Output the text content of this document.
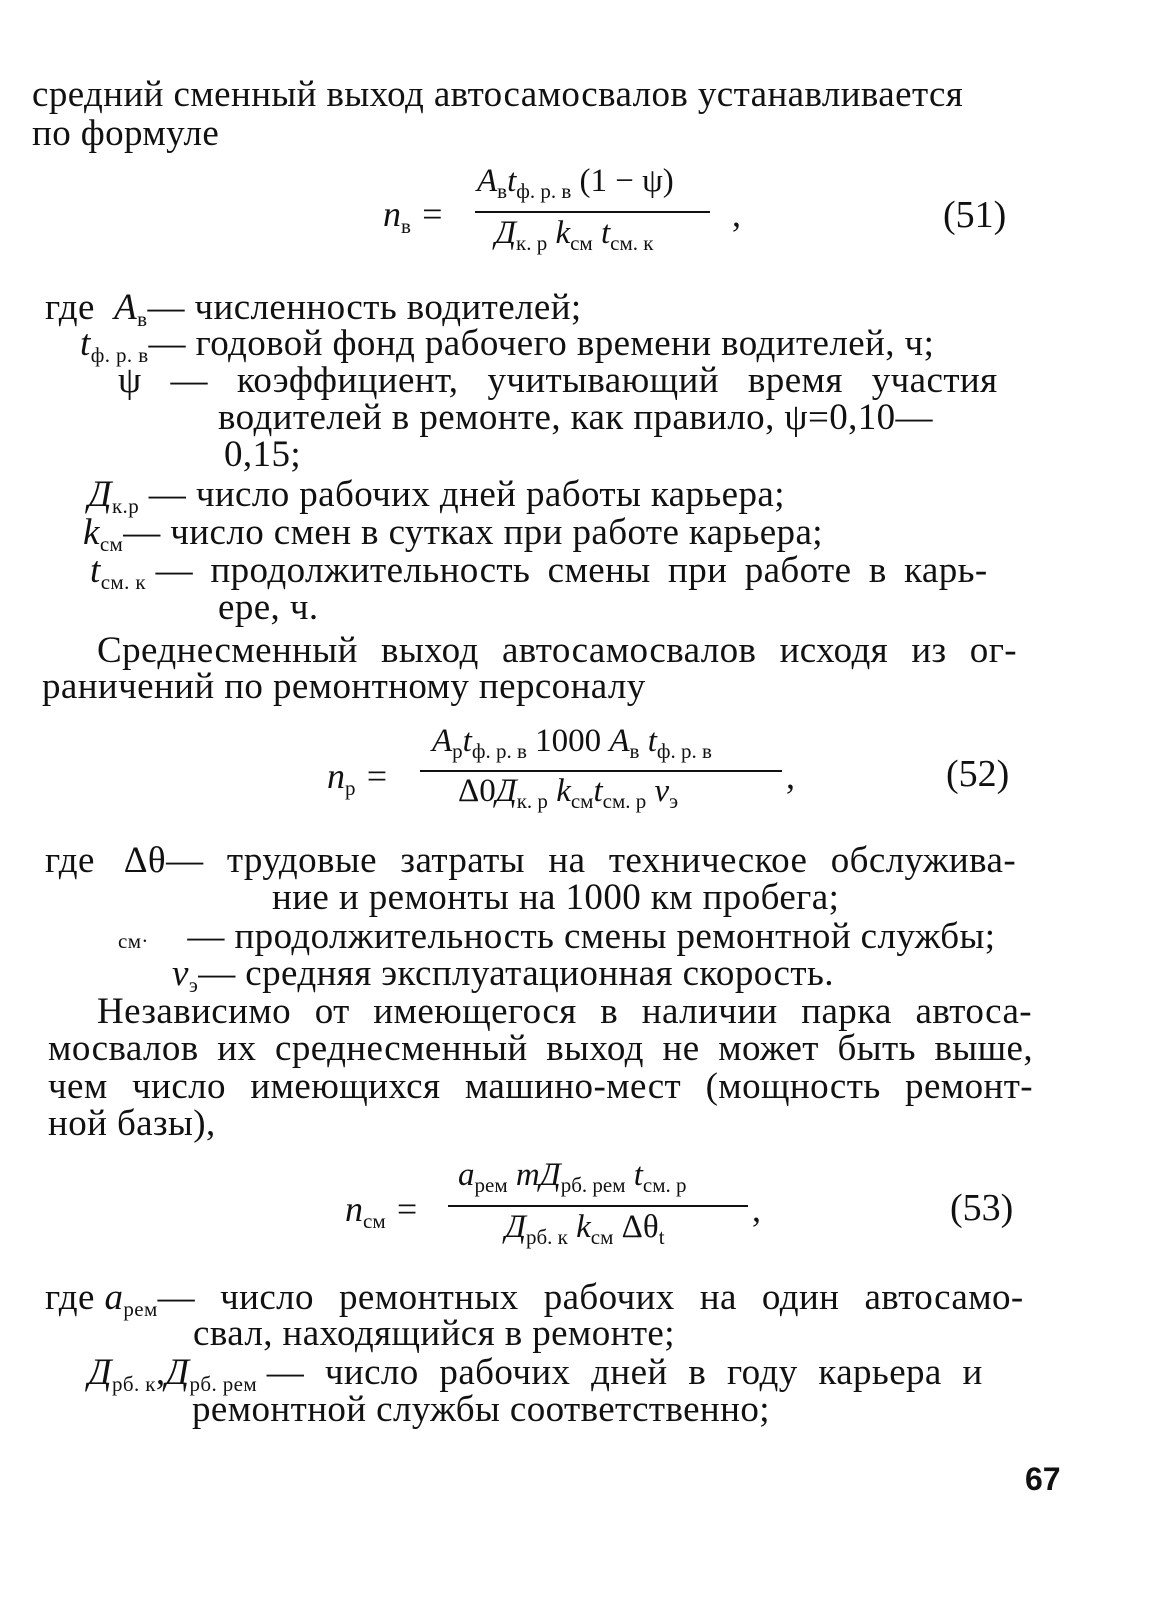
средний сменный выход автосамосвалов устанавливается
по формуле
$n_в$ =
$A_вt_{ф. р. в}$ (1 − ψ)
$Д_{к. р}$ $k_{см}$ $t_{см. к}$
,	(51)
где $A_в—$ численность водителей;
$t_{ф. р. в}—$ годовой фонд рабочего времени водителей, ч;
ψ — коэффициент, учитывающий время участия
водителей в ремонте, как правило, ψ=0,10—
0,15;
$Д_{к.р}$ — число рабочих дней работы карьера;
$k_{см}—$ число смен в сутках при работе карьера;
$t_{см. к}$ — продолжительность смены при работе в карь-
ере, ч.
Среднесменный выход автосамосвалов исходя из ог-
раничений по ремонтному персоналу
$n_р$ =
$A_рt_{ф. р. в}$ 1000 $A_в$ $t_{ф. р. в}$
$\Delta 0Д_{к. р}$ $k_{см}t_{см. р}$ $v_э$
,	(52)
где Δθ— трудовые затраты на техническое обслужива-
ние и ремонты на 1000 км пробега;
см· — продолжительность смены ремонтной службы;
$v_э—$ средняя эксплуатационная скорость.
Независимо от имеющегося в наличии парка автоса-
мосвалов их среднесменный выход не может быть выше,
чем число имеющихся машино-мест (мощность ремонт-
ной базы),
$n_{см}$ =
$a_{рем}$ $mД_{рб. рем}$ $t_{см. р}$
$Д_{рб. к}$ $k_{см}$ $\Delta\theta_t$
,	(53)
где $a_{рем}—$ число ремонтных рабочих на один автосамо-
свал, находящийся в ремонте;
$Д_{рб. к},Д_{рб. рем}$ — число рабочих дней в году карьера и
ремонтной службы соответственно;
67
